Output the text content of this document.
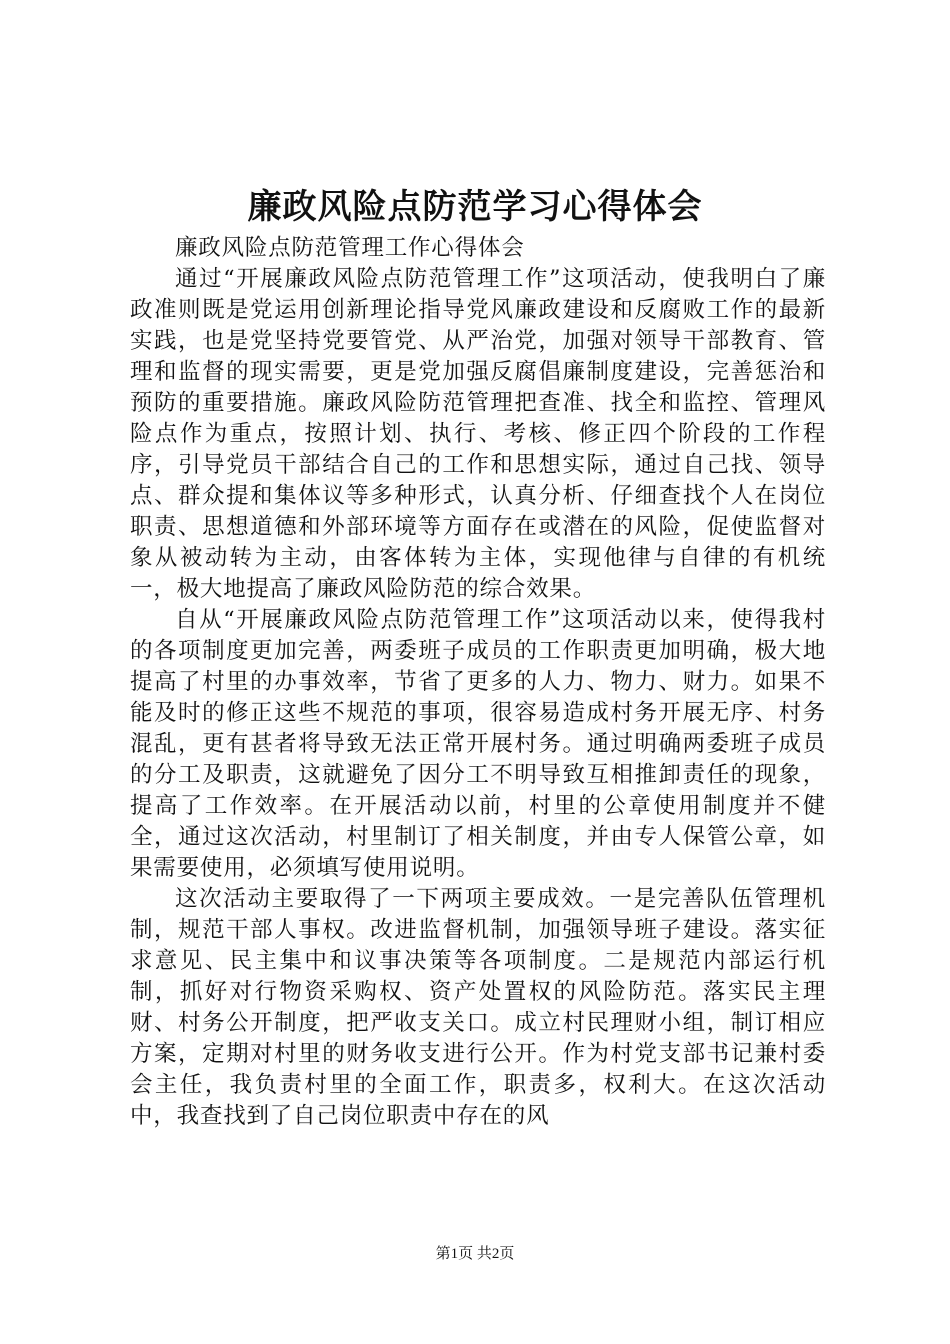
廉政风险点防范学习心得体会

廉政风险点防范管理工作心得体会

通过“开展廉政风险点防范管理工作”这项活动，使我明白了廉政准则既是党运用创新理论指导党风廉政建设和反腐败工作的最新实践，也是党坚持党要管党、从严治党，加强对领导干部教育、管理和监督的现实需要，更是党加强反腐倡廉制度建设，完善惩治和预防的重要措施。廉政风险防范管理把查准、找全和监控、管理风险点作为重点，按照计划、执行、考核、修正四个阶段的工作程序，引导党员干部结合自己的工作和思想实际，通过自己找、领导点、群众提和集体议等多种形式，认真分析、仔细查找个人在岗位职责、思想道德和外部环境等方面存在或潜在的风险，促使监督对象从被动转为主动，由客体转为主体，实现他律与自律的有机统一，极大地提高了廉政风险防范的综合效果。

自从“开展廉政风险点防范管理工作”这项活动以来，使得我村的各项制度更加完善，两委班子成员的工作职责更加明确，极大地提高了村里的办事效率，节省了更多的人力、物力、财力。如果不能及时的修正这些不规范的事项，很容易造成村务开展无序、村务混乱，更有甚者将导致无法正常开展村务。通过明确两委班子成员的分工及职责，这就避免了因分工不明导致互相推卸责任的现象，提高了工作效率。在开展活动以前，村里的公章使用制度并不健全，通过这次活动，村里制订了相关制度，并由专人保管公章，如果需要使用，必须填写使用说明。

这次活动主要取得了一下两项主要成效。一是完善队伍管理机制，规范干部人事权。改进监督机制，加强领导班子建设。落实征求意见、民主集中和议事决策等各项制度。二是规范内部运行机制，抓好对行物资采购权、资产处置权的风险防范。落实民主理财、村务公开制度，把严收支关口。成立村民理财小组，制订相应方案，定期对村里的财务收支进行公开。作为村党支部书记兼村委会主任，我负责村里的全面工作，职责多，权利大。在这次活动中，我查找到了自己岗位职责中存在的风

第1页 共2页
